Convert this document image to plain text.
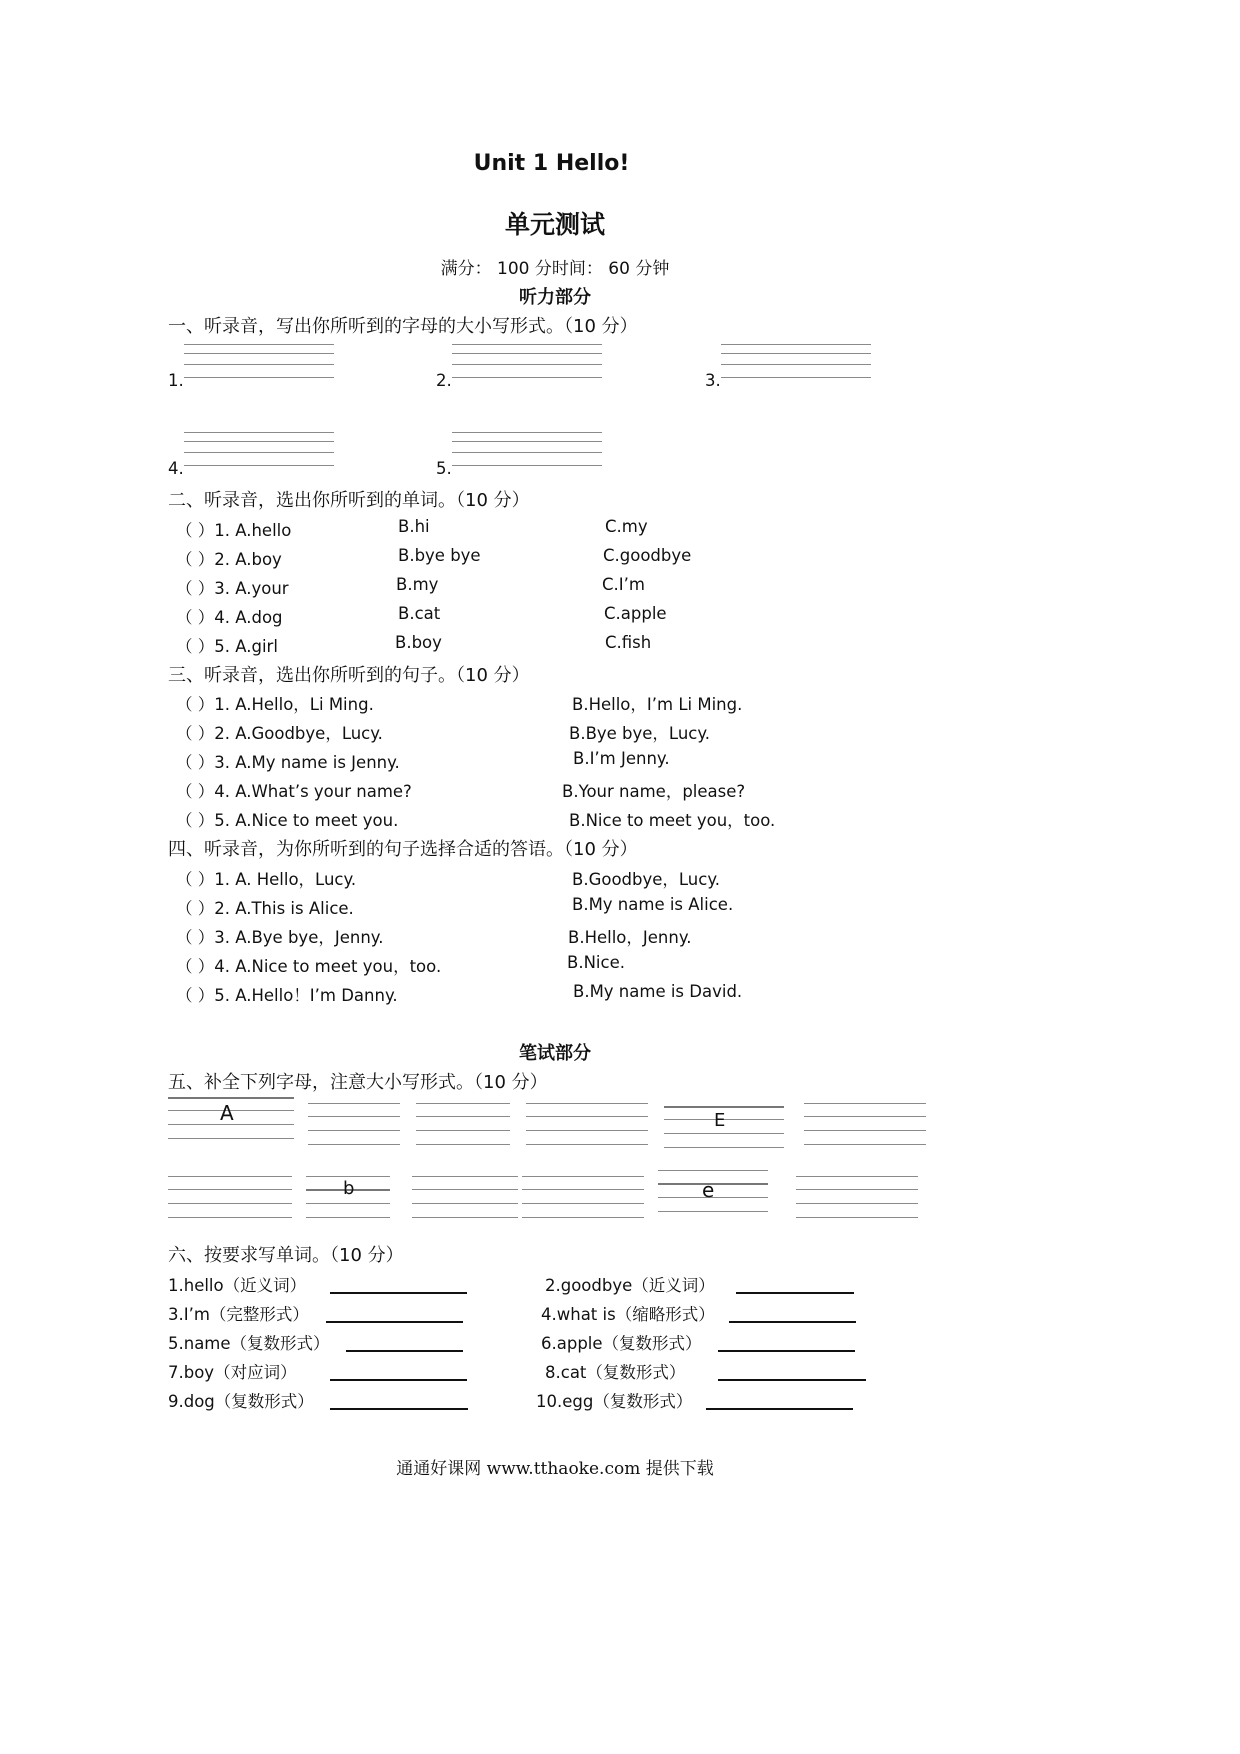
Unit 1 Hello!
单元测试
满分： 100 分时间： 60 分钟
听力部分
一、听录音，写出你所听到的字母的大小写形式。（10 分）
1.	2.	3.
4.	5.
二、听录音，选出你所听到的单词。（10 分）
（ ）1. A.hello	B.hi	C.my
（ ）2. A.boy	B.bye bye	C.goodbye
（ ）3. A.your	B.my	C.I’m
（ ）4. A.dog	B.cat	C.apple
（ ）5. A.girl	B.boy	C.fish
三、听录音，选出你所听到的句子。（10 分）
（ ）1. A.Hello，Li Ming.	B.Hello，I’m Li Ming.
（ ）2. A.Goodbye，Lucy.	B.Bye bye，Lucy.
（ ）3. A.My name is Jenny.	B.I’m Jenny.
（ ）4. A.What’s your name?	B.Your name，please?
（ ）5. A.Nice to meet you.	B.Nice to meet you，too.
四、听录音，为你所听到的句子选择合适的答语。（10 分）
（ ）1. A. Hello，Lucy.	B.Goodbye，Lucy.
（ ）2. A.This is Alice.	B.My name is Alice.
（ ）3. A.Bye bye，Jenny.	B.Hello，Jenny.
（ ）4. A.Nice to meet you，too.	B.Nice.
（ ）5. A.Hello！I’m Danny.	B.My name is David.
笔试部分
五、补全下列字母，注意大小写形式。（10 分）
A	E
b	e
六、按要求写单词。（10 分）
1.hello（近义词）	2.goodbye（近义词）
3.I’m（完整形式）	4.what is（缩略形式）
5.name（复数形式）	6.apple（复数形式）
7.boy（对应词）	8.cat（复数形式）
9.dog（复数形式）	10.egg（复数形式）
通通好课网 www.tthaoke.com 提供下载
